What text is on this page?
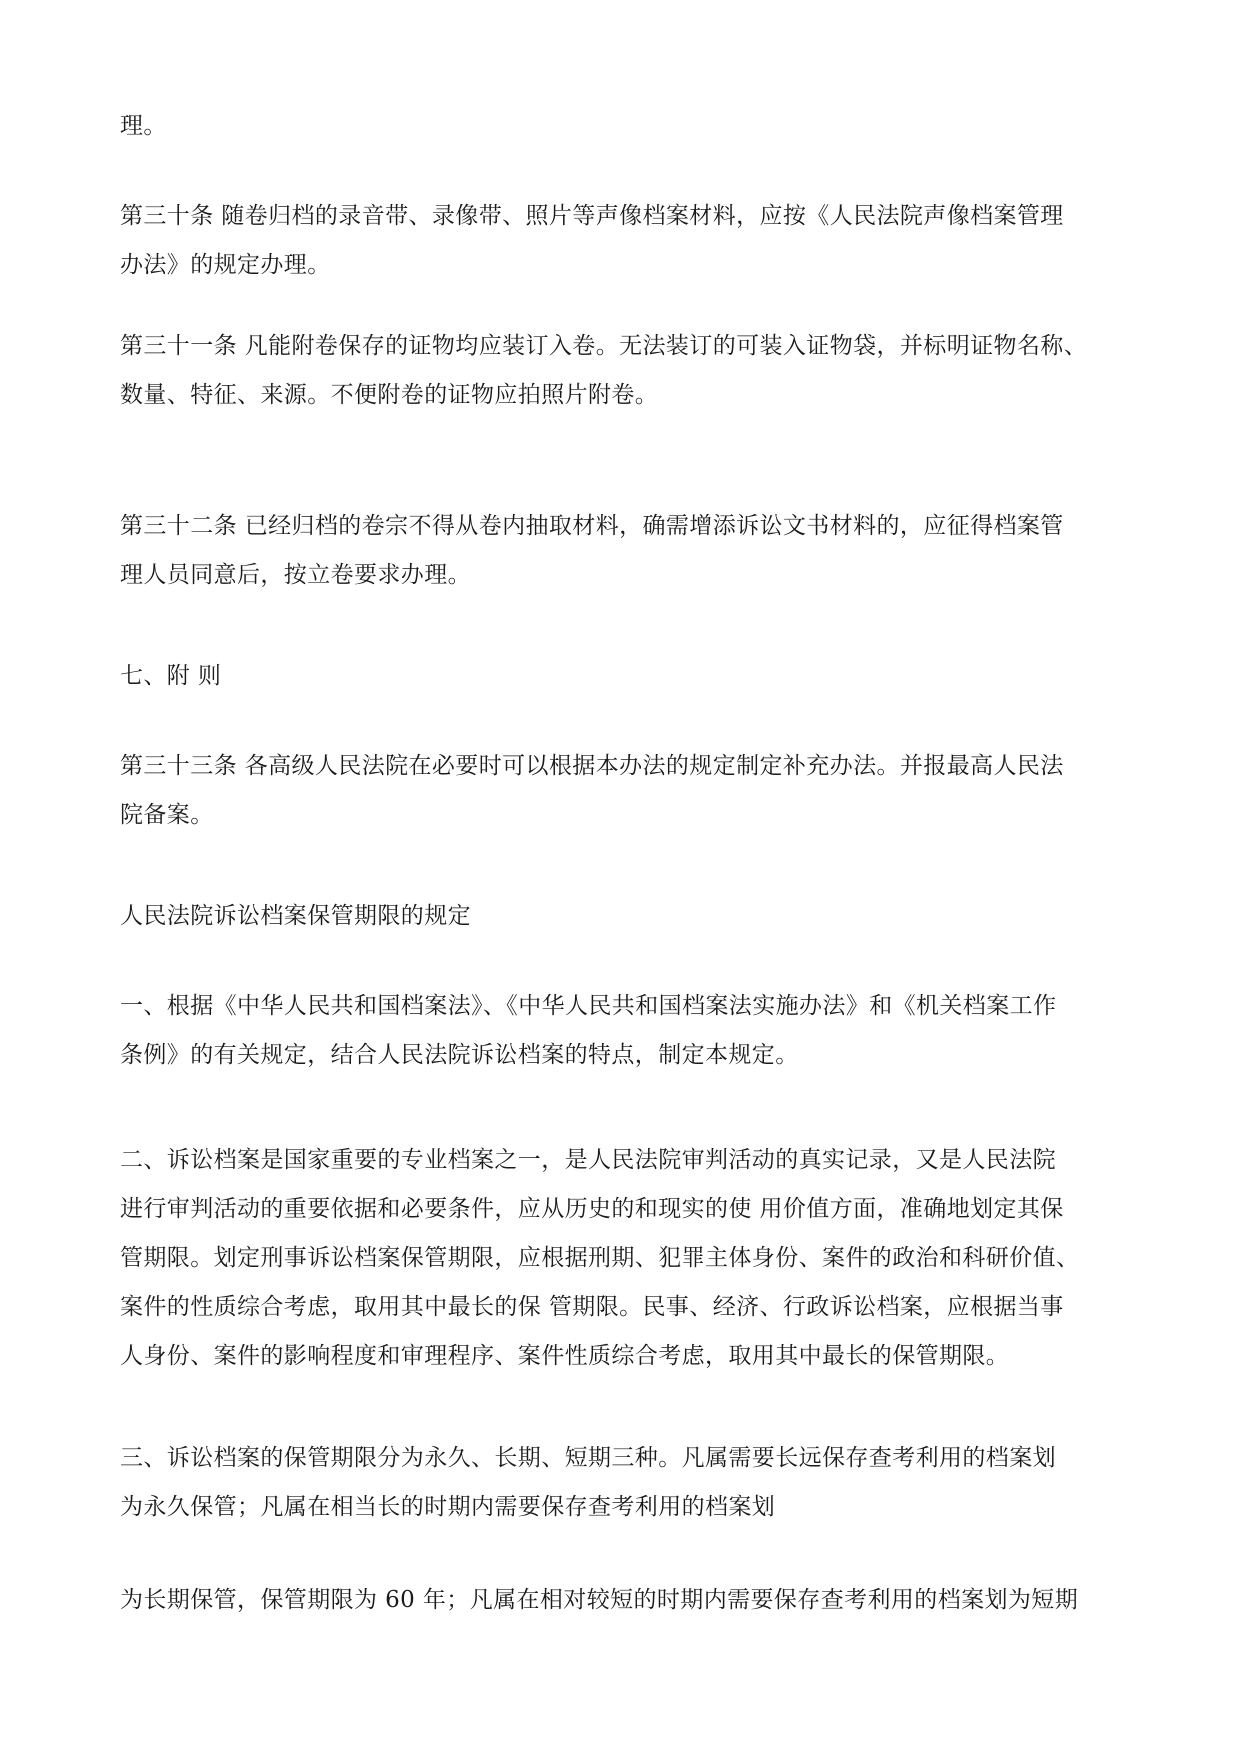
理。

第三十条 随卷归档的录音带、录像带、照片等声像档案材料，应按《人民法院声像档案管理
办法》的规定办理。

第三十一条 凡能附卷保存的证物均应装订入卷。无法装订的可装入证物袋，并标明证物名称、
数量、特征、来源。不便附卷的证物应拍照片附卷。

第三十二条 已经归档的卷宗不得从卷内抽取材料，确需增添诉讼文书材料的，应征得档案管
理人员同意后，按立卷要求办理。

七、附 则

第三十三条 各高级人民法院在必要时可以根据本办法的规定制定补充办法。并报最高人民法
院备案。

人民法院诉讼档案保管期限的规定

一、根据《中华人民共和国档案法》、《中华人民共和国档案法实施办法》和《机关档案工作
条例》的有关规定，结合人民法院诉讼档案的特点，制定本规定。

二、诉讼档案是国家重要的专业档案之一，是人民法院审判活动的真实记录，又是人民法院
进行审判活动的重要依据和必要条件，应从历史的和现实的使 用价值方面，准确地划定其保
管期限。划定刑事诉讼档案保管期限，应根据刑期、犯罪主体身份、案件的政治和科研价值、
案件的性质综合考虑，取用其中最长的保 管期限。民事、经济、行政诉讼档案，应根据当事
人身份、案件的影响程度和审理程序、案件性质综合考虑，取用其中最长的保管期限。

三、诉讼档案的保管期限分为永久、长期、短期三种。凡属需要长远保存查考利用的档案划
为永久保管；凡属在相当长的时期内需要保存查考利用的档案划

为长期保管，保管期限为 60 年；凡属在相对较短的时期内需要保存查考利用的档案划为短期
